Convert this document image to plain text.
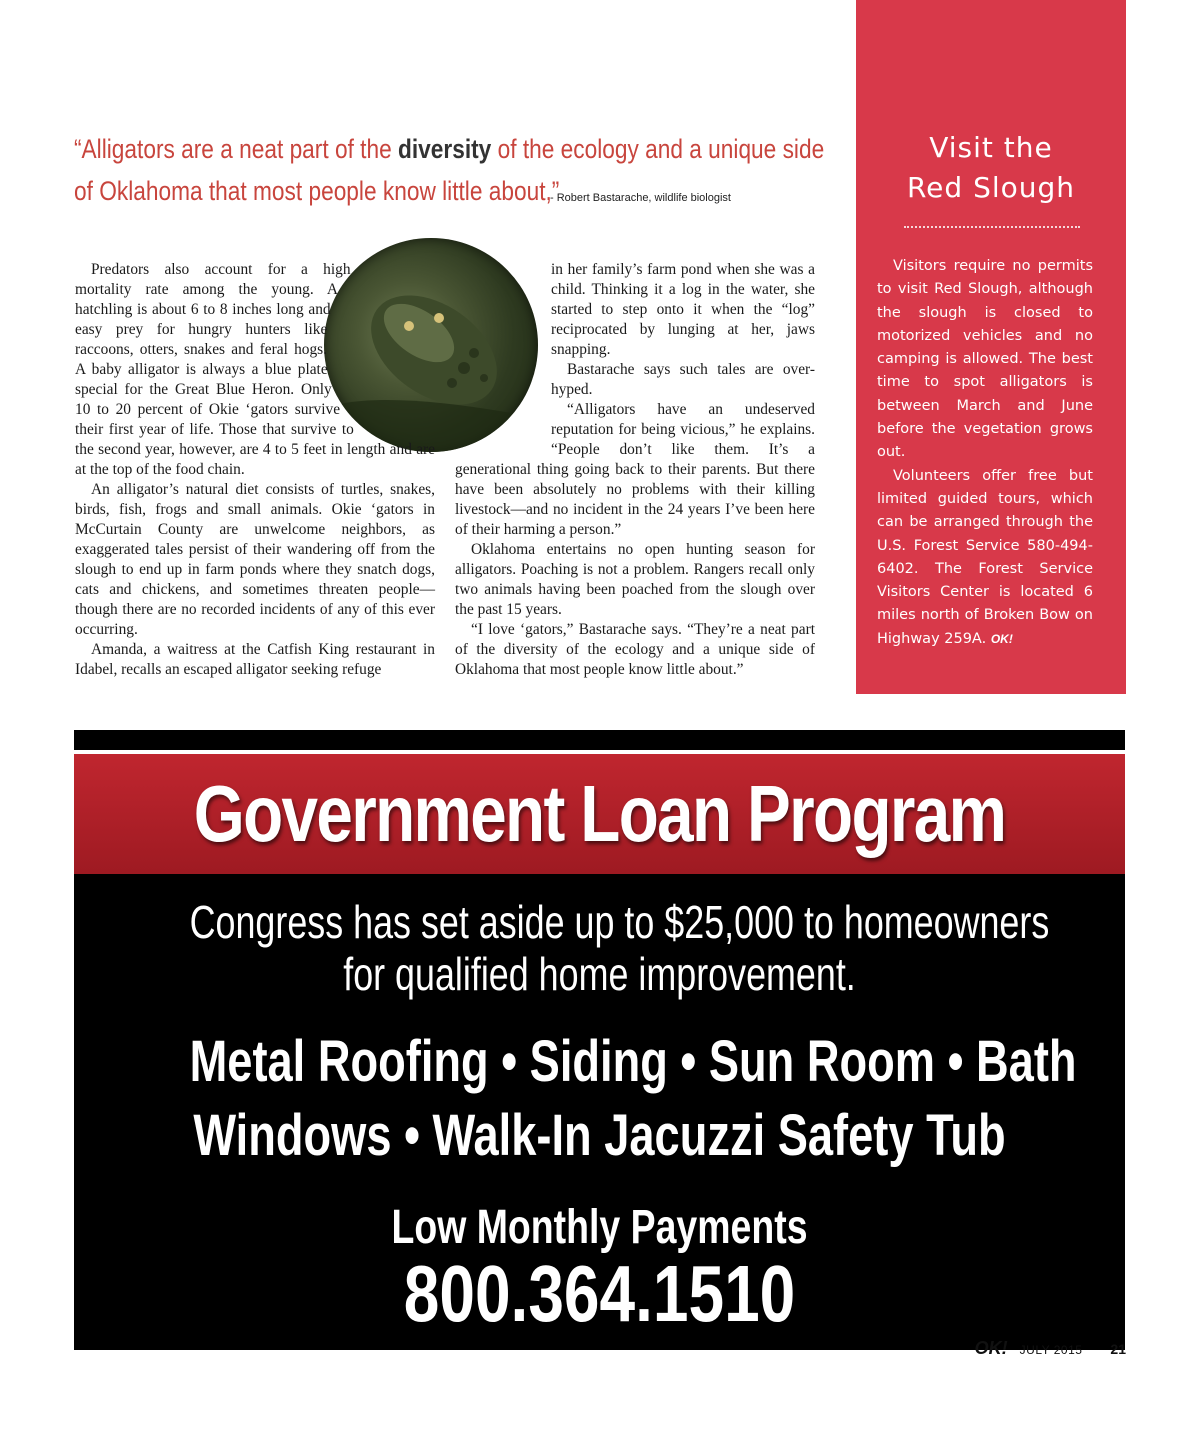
“Alligators are a neat part of the diversity of the ecology and a unique side
of Oklahoma that most people know little about,”
- Robert Bastarache, wildlife biologist

Predators also account for a high mortality rate among the young. A hatchling is about 6 to 8 inches long and easy prey for hungry hunters like raccoons, otters, snakes and feral hogs. A baby alligator is always a blue plate special for the Great Blue Heron. Only 10 to 20 percent of Okie ‘gators survive their first year of life. Those that survive to the second year, however, are 4 to 5 feet in length and are at the top of the food chain.

An alligator’s natural diet consists of turtles, snakes, birds, fish, frogs and small animals. Okie ‘gators in McCurtain County are unwelcome neighbors, as exaggerated tales persist of their wandering off from the slough to end up in farm ponds where they snatch dogs, cats and chickens, and sometimes threaten people—though there are no recorded incidents of any of this ever occurring.

Amanda, a waitress at the Catfish King restaurant in Idabel, recalls an escaped alligator seeking refuge

in her family’s farm pond when she was a child. Thinking it a log in the water, she started to step onto it when the “log” reciprocated by lunging at her, jaws snapping.

Bastarache says such tales are over-hyped.

“Alligators have an undeserved reputation for being vicious,” he explains. “People don’t like them. It’s a generational thing going back to their parents. But there have been absolutely no problems with their killing livestock—and no incident in the 24 years I’ve been here of their harming a person.”

Oklahoma entertains no open hunting season for alligators. Poaching is not a problem. Rangers recall only two animals having been poached from the slough over the past 15 years.

“I love ‘gators,” Bastarache says. “They’re a neat part of the diversity of the ecology and a unique side of Oklahoma that most people know little about.”

Visit the
Red Slough

Visitors require no permits to visit Red Slough, although the slough is closed to motorized vehicles and no camping is allowed. The best time to spot alligators is between March and June before the vegetation grows out.

Volunteers offer free but limited guided tours, which can be arranged through the U.S. Forest Service 580-494-6402. The Forest Service Visitors Center is located 6 miles north of Broken Bow on Highway 259A. OK!

Government Loan Program
Congress has set aside up to $25,000 to homeowners
for qualified home improvement.
Metal Roofing • Siding • Sun Room • Bath
Windows • Walk-In Jacuzzi Safety Tub
Low Monthly Payments
800.364.1510
OK! JULY 2015 21
